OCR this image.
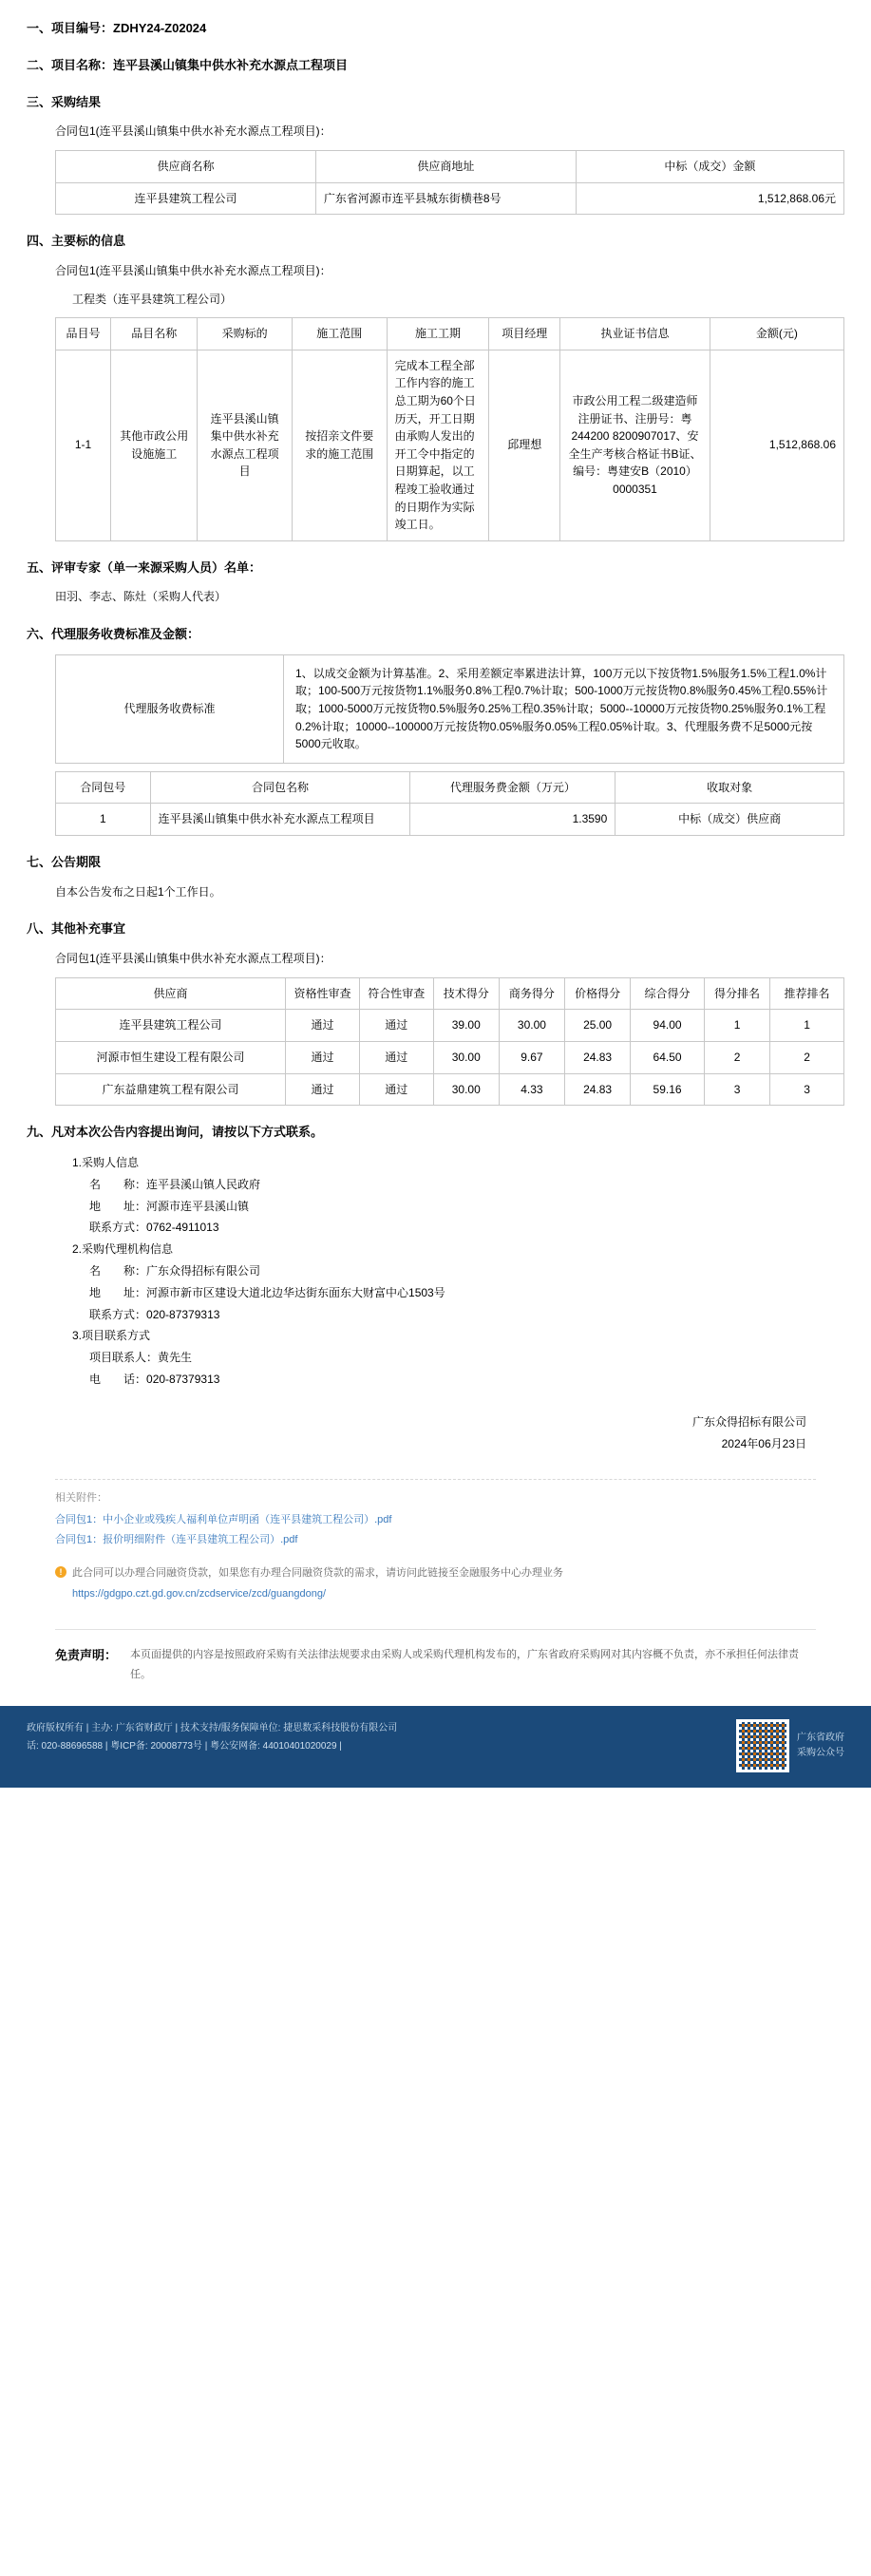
一、项目编号：ZDHY24-Z02024
二、项目名称：连平县溪山镇集中供水补充水源点工程项目
三、采购结果
合同包1(连平县溪山镇集中供水补充水源点工程项目)：
供应商名称	供应商地址	中标（成交）金额
连平县建筑工程公司	广东省河源市连平县城东街横巷8号	1,512,868.06元
四、主要标的信息
合同包1(连平县溪山镇集中供水补充水源点工程项目)：
工程类（连平县建筑工程公司）
品目号	品目名称	采购标的	施工范围	施工工期	项目经理	执业证书信息	金额(元)
1-1	其他市政公用设施施工	连平县溪山镇集中供水补充水源点工程项目	按招亲文件要求的施工范围	完成本工程全部工作内容的施工总工期为60个日历天，开工日期由承购人发出的开工令中指定的日期算起，以工程竣工验收通过的日期作为实际竣工日。	邱理想	市政公用工程二级建造师注册证书、注册号：粤244200 8200907017、安全生产考核合格证书B证、编号：粤建安B（2010）0000351	1,512,868.06
五、评审专家（单一来源采购人员）名单：
田羽、李志、陈灶（采购人代表）
六、代理服务收费标准及金额：
代理服务收费标准	1、以成交金额为计算基准。2、采用差额定率累进法计算，100万元以下按货物1.5%服务1.5%工程1.0%计取；100-500万元按货物1.1%服务0.8%工程0.7%计取；500-1000万元按货物0.8%服务0.45%工程0.55%计取；1000-5000万元按货物0.5%服务0.25%工程0.35%计取；5000--10000万元按货物0.25%服务0.1%工程0.2%计取；10000--100000万元按货物0.05%服务0.05%工程0.05%计取。3、代理服务费不足5000元按5000元收取。
合同包号	合同包名称	代理服务费金额（万元）	收取对象
1	连平县溪山镇集中供水补充水源点工程项目	1.3590	中标（成交）供应商
七、公告期限
自本公告发布之日起1个工作日。
八、其他补充事宜
合同包1(连平县溪山镇集中供水补充水源点工程项目)：
供应商	资格性审查	符合性审查	技术得分	商务得分	价格得分	综合得分	得分排名	推荐排名
连平县建筑工程公司	通过	通过	39.00	30.00	25.00	94.00	1	1
河源市恒生建设工程有限公司	通过	通过	30.00	9.67	24.83	64.50	2	2
广东益鼎建筑工程有限公司	通过	通过	30.00	4.33	24.83	59.16	3	3
九、凡对本次公告内容提出询问，请按以下方式联系。
1.采购人信息
名　　称：连平县溪山镇人民政府
地　　址：河源市连平县溪山镇
联系方式：0762-4911013
2.采购代理机构信息
名　　称：广东众得招标有限公司
地　　址：河源市新市区建设大道北边华达街东面东大财富中心1503号
联系方式：020-87379313
3.项目联系方式
项目联系人：黄先生
电　　话：020-87379313
广东众得招标有限公司
2024年06月23日
相关附件：
合同包1：中小企业或残疾人福利单位声明函（连平县建筑工程公司）.pdf
合同包1：报价明细附件（连平县建筑工程公司）.pdf
! 此合同可以办理合同融资贷款，如果您有办理合同融资贷款的需求，请访问此链接至金融服务中心办理业务
https://gdgpo.czt.gd.gov.cn/zcdservice/zcd/guangdong/
免责声明： 本页面提供的内容是按照政府采购有关法律法规要求由采购人或采购代理机构发布的，广东省政府采购网对其内容概不负责，亦不承担任何法律责任。
政府版权所有 | 主办: 广东省财政厅 | 技术支持/服务保障单位: 捷思数采科技股份有限公司
话: 020-88696588 | 粤ICP备: 20008773号 | 粤公安网备: 44010401020029 |
广东省政府
采购公众号
